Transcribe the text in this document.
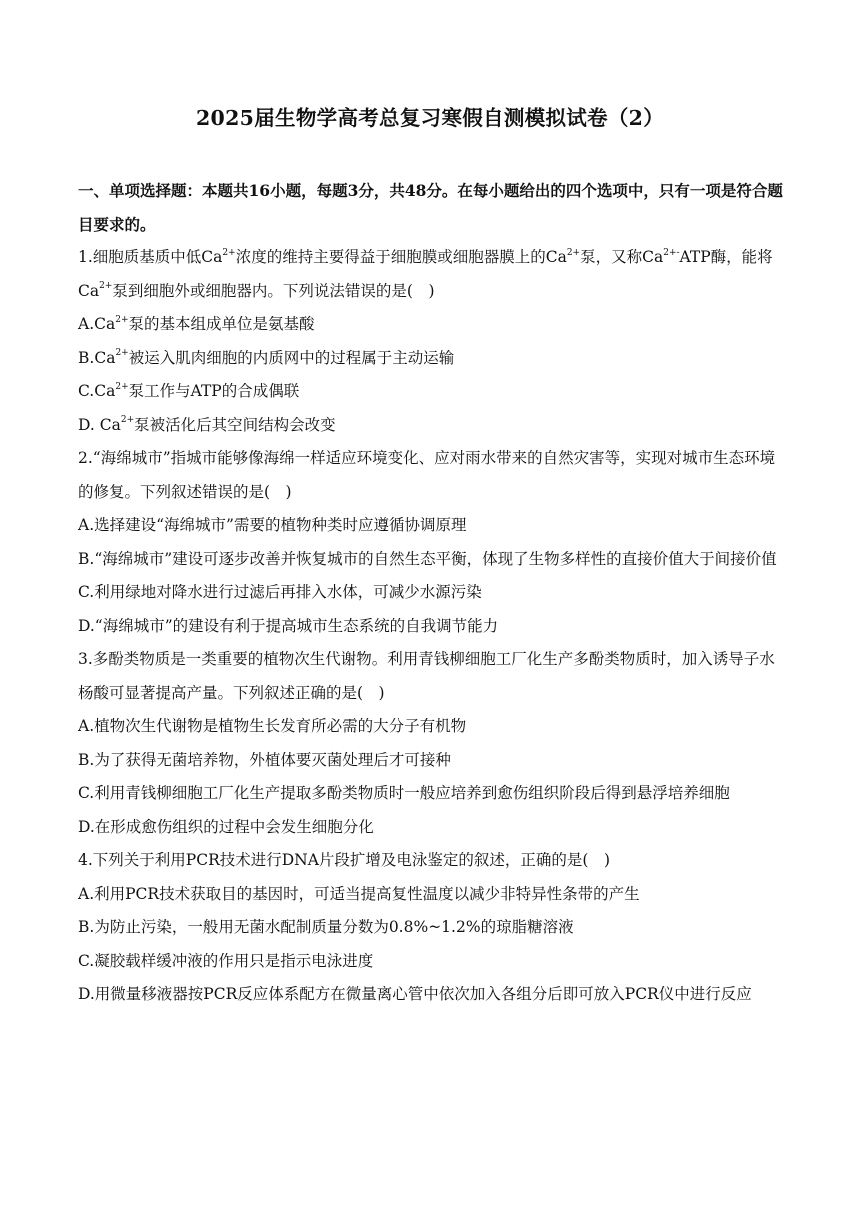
2025届生物学高考总复习寒假自测模拟试卷（2）
一、单项选择题：本题共16小题，每题3分，共48分。在每小题给出的四个选项中，只有一项是符合题目要求的。

1.细胞质基质中低$Ca^{2+}$浓度的维持主要得益于细胞膜或细胞器膜上的$Ca^{2+}$泵，又称$Ca^{2+-}ATP$酶，能将$Ca^{2+}$泵到细胞外或细胞器内。下列说法错误的是(　)

$A.Ca^{2+}$泵的基本组成单位是氨基酸

$B.Ca^{2+}$被运入肌肉细胞的内质网中的过程属于主动运输

$C.Ca^{2+}$泵工作与ATP的合成偶联

D. $Ca^{2+}$泵被活化后其空间结构会改变

2.“海绵城市”指城市能够像海绵一样适应环境变化、应对雨水带来的自然灾害等，实现对城市生态环境的修复。下列叙述错误的是(　)

A.选择建设“海绵城市”需要的植物种类时应遵循协调原理

B.“海绵城市”建设可逐步改善并恢复城市的自然生态平衡，体现了生物多样性的直接价值大于间接价值

C.利用绿地对降水进行过滤后再排入水体，可减少水源污染

D.“海绵城市”的建设有利于提高城市生态系统的自我调节能力

3.多酚类物质是一类重要的植物次生代谢物。利用青钱柳细胞工厂化生产多酚类物质时，加入诱导子水杨酸可显著提高产量。下列叙述正确的是(　)

A.植物次生代谢物是植物生长发育所必需的大分子有机物

B.为了获得无菌培养物，外植体要灭菌处理后才可接种

C.利用青钱柳细胞工厂化生产提取多酚类物质时一般应培养到愈伤组织阶段后得到悬浮培养细胞

D.在形成愈伤组织的过程中会发生细胞分化

4.下列关于利用PCR技术进行DNA片段扩增及电泳鉴定的叙述，正确的是(　)

A.利用PCR技术获取目的基因时，可适当提高复性温度以减少非特异性条带的产生

B.为防止污染，一般用无菌水配制质量分数为0.8%~1.2%的琼脂糖溶液

C.凝胶载样缓冲液的作用只是指示电泳进度

D.用微量移液器按PCR反应体系配方在微量离心管中依次加入各组分后即可放入PCR仪中进行反应
